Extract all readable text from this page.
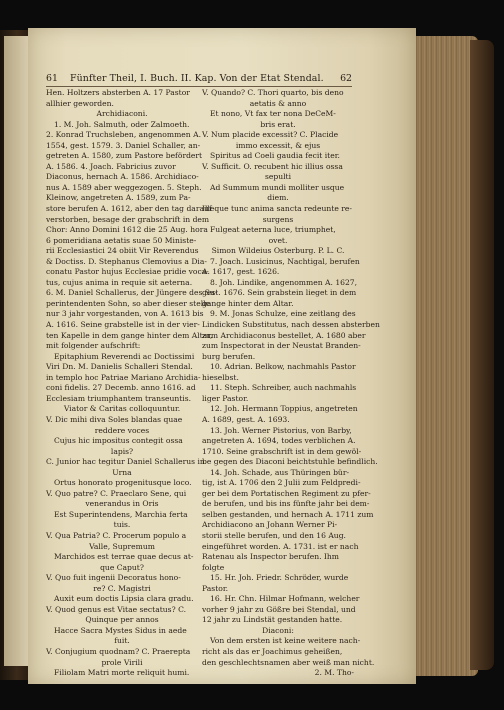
61 Fünfter Theil, I. Buch. II. Kap. Von der Etat Stendal. 62
Hen. Holtzers absterben A. 17 Pastor
allhier geworden.
Archidiaconi.
1. M. Joh. Salmuth, oder Zalmoeth.
2. Konrad Truchsleben, angenommen A.
1554, gest. 1579. 3. Daniel Schaller, an-
getreten A. 1580, zum Pastore befördert
A. 1586. 4. Joach. Fabricius zuvor
Diaconus, hernach A. 1586. Archidiaco-
nus A. 1589 aber weggezogen. 5. Steph.
Kleinow, angetreten A. 1589, zum Pa-
store berufen A. 1612, aber den tag darauf
verstorben, besage der grabschrift in dem
Chor: Anno Domini 1612 die 25 Aug. hora
6 pomeridiana aetatis suae 50 Ministe-
rii Ecclesiastici 24 obiit Vir Reverendus
& Doctiss. D. Stephanus Clemovius a Dia-
conatu Pastor hujus Ecclesiae pridie voca-
tus, cujus anima in requie sit aeterna.
6. M. Daniel Schallerus, der Jüngere des Su-
perintendenten Sohn, so aber dieser stelle
nur 3 jahr vorgestanden, von A. 1613 bis
A. 1616. Seine grabstelle ist in der vier-
ten Kapelle in dem gange hinter dem Altar,
mit folgender aufschrift:
Epitaphium Reverendi ac Doctissimi
Viri Dn. M. Danielis Schalleri Stendal.
in templo hoc Patriae Mariano Archidia-
coni fidelis. 27 Decemb. anno 1616. ad
Ecclesiam triumphantem transeuntis.
Viator & Caritas colloquuntur.
V. Dic mihi diva Soles blandas quae
reddere voces
Cujus hic impositus contegit ossa
lapis?
C. Junior hac tegitur Daniel Schallerus in
Urna
Ortus honorato progenitusque loco.
V. Quo patre? C. Praeclaro Sene, qui
venerandus in Oris
Est Superintendens, Marchia ferta
tuis.
V. Qua Patria? C. Procerum populo a
Valle, Supremum
Marchidos est terrae quae decus at-
que Caput?
V. Quo fuit ingenii Decoratus hono-
re? C. Magistri
Auxit eum doctis Lipsia clara gradu.
V. Quod genus est Vitae sectatus? C.
Quinque per annos
Hacce Sacra Mystes Sidus in aede
fuit.
V. Conjugium quodnam? C. Praerepta
prole Virili
Filiolam Matri morte reliquit humi.
V. Quando? C. Thori quarto, bis deno
aetatis & anno
Et nono, Vt fax ter nona DeCeM-
bris erat.
V. Num placide excessit? C. Placide
immo excessit, & ejus
Spiritus ad Coeli gaudia fecit iter.
V. Sufficit. O. recubent hic illius ossa
sepulti
Ad Summum mundi molliter usque
diem.
Illeque tunc anima sancta redeunte re-
surgens
Fulgeat aeterna luce, triumphet,
ovet.
Simon Wildeius Osterburg. P. L. C.
7. Joach. Lusicinus, Nachtigal, berufen
A. 1617, gest. 1626.
8. Joh. Lindike, angenommen A. 1627,
gest. 1676. Sein grabstein lieget in dem
gange hinter dem Altar.
9. M. Jonas Schulze, eine zeitlang des
Lindicken Substitutus, nach dessen absterben
zum Archidiaconus bestellet, A. 1680 aber
zum Inspectorat in der Neustat Branden-
burg berufen.
10. Adrian. Belkow, nachmahls Pastor
hieselbst.
11. Steph. Schreiber, auch nachmahls
liger Pastor.
12. Joh. Hermann Toppius, angetreten
A. 1689, gest. A. 1693.
13. Joh. Werner Pistorius, von Barby,
angetreten A. 1694, todes verblichen A.
1710. Seine grabschrift ist in dem gewöl-
be gegen des Diaconi beichtstuhle befindlich.
14. Joh. Schade, aus Thüringen bür-
tig, ist A. 1706 den 2 Julii zum Feldpredi-
ger bei dem Portatischen Regiment zu pfer-
de berufen, und bis ins fünfte jahr bei dem-
selben gestanden, und hernach A. 1711 zum
Archidiacono an Johann Werner Pi-
storii stelle berufen, und den 16 Aug.
eingeführet worden. A. 1731. ist er nach
Ratenau als Inspector berufen. Ihm
folgte
15. Hr. Joh. Friedr. Schröder, wurde
Pastor.
16. Hr. Chn. Hilmar Hofmann, welcher
vorher 9 jahr zu Gößre bei Stendal, und
12 jahr zu Lindstät gestanden hatte.
Diaconi:
Von dem ersten ist keine weitere nach-
richt als das er Joachimus geheißen,
den geschlechtsnamen aber weiß man nicht.
2. M. Tho-
